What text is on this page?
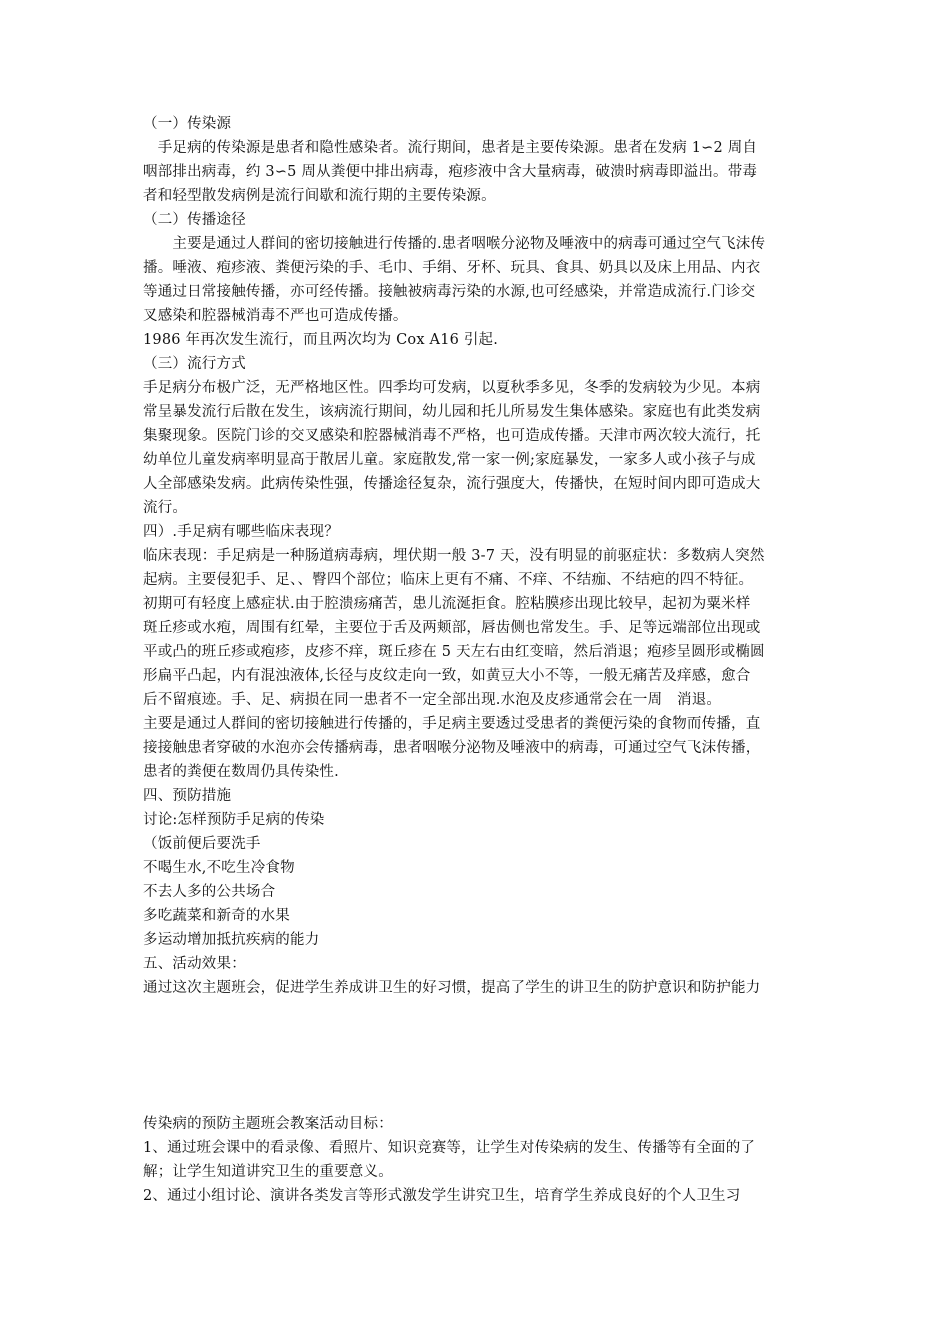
（一）传染源
　手足病的传染源是患者和隐性感染者。流行期间，患者是主要传染源。患者在发病 1∽2 周自
咽部排出病毒，约 3∽5 周从粪便中排出病毒，疱疹液中含大量病毒，破溃时病毒即溢出。带毒
者和轻型散发病例是流行间歇和流行期的主要传染源。
（二）传播途径
　　主要是通过人群间的密切接触进行传播的.患者咽喉分泌物及唾液中的病毒可通过空气飞沫传
播。唾液、疱疹液、粪便污染的手、毛巾、手绢、牙杯、玩具、食具、奶具以及床上用品、内衣
等通过日常接触传播，亦可经传播。接触被病毒污染的水源,也可经感染，并常造成流行.门诊交
叉感染和腔器械消毒不严也可造成传播。
1986 年再次发生流行，而且两次均为 Cox A16 引起.
（三）流行方式
手足病分布极广泛，无严格地区性。四季均可发病，以夏秋季多见，冬季的发病较为少见。本病
常呈暴发流行后散在发生，该病流行期间，幼儿园和托儿所易发生集体感染。家庭也有此类发病
集聚现象。医院门诊的交叉感染和腔器械消毒不严格，也可造成传播。天津市两次较大流行，托
幼单位儿童发病率明显高于散居儿童。家庭散发,常一家一例;家庭暴发，一家多人或小孩子与成
人全部感染发病。此病传染性强，传播途径复杂，流行强度大，传播快，在短时间内即可造成大
流行。
四）.手足病有哪些临床表现？
临床表现：手足病是一种肠道病毒病，埋伏期一般 3-7 天，没有明显的前驱症状：多数病人突然
起病。主要侵犯手、足、、臀四个部位；临床上更有不痛、不痒、不结痂、不结疤的四不特征。
初期可有轻度上感症状.由于腔溃疡痛苦，患儿流涎拒食。腔粘膜疹出现比较早，起初为粟米样
斑丘疹或水疱，周围有红晕，主要位于舌及两颊部，唇齿侧也常发生。手、足等远端部位出现或
平或凸的班丘疹或疱疹，皮疹不痒，斑丘疹在 5 天左右由红变暗，然后消退；疱疹呈圆形或椭圆
形扁平凸起，内有混浊液体,长径与皮纹走向一致，如黄豆大小不等，一般无痛苦及痒感，愈合
后不留痕迹。手、足、病损在同一患者不一定全部出现.水泡及皮疹通常会在一周　消退。
主要是通过人群间的密切接触进行传播的，手足病主要透过受患者的粪便污染的食物而传播，直
接接触患者穿破的水泡亦会传播病毒，患者咽喉分泌物及唾液中的病毒，可通过空气飞沫传播，
患者的粪便在数周仍具传染性.
四、预防措施
讨论:怎样预防手足病的传染
（饭前便后要洗手
不喝生水,不吃生冷食物
不去人多的公共场合
多吃蔬菜和新奇的水果
多运动增加抵抗疾病的能力
五、活动效果：
通过这次主题班会，促进学生养成讲卫生的好习惯，提高了学生的讲卫生的防护意识和防护能力
传染病的预防主题班会教案活动目标：
1、通过班会课中的看录像、看照片、知识竞赛等，让学生对传染病的发生、传播等有全面的了
解；让学生知道讲究卫生的重要意义。
2、通过小组讨论、演讲各类发言等形式激发学生讲究卫生，培育学生养成良好的个人卫生习
